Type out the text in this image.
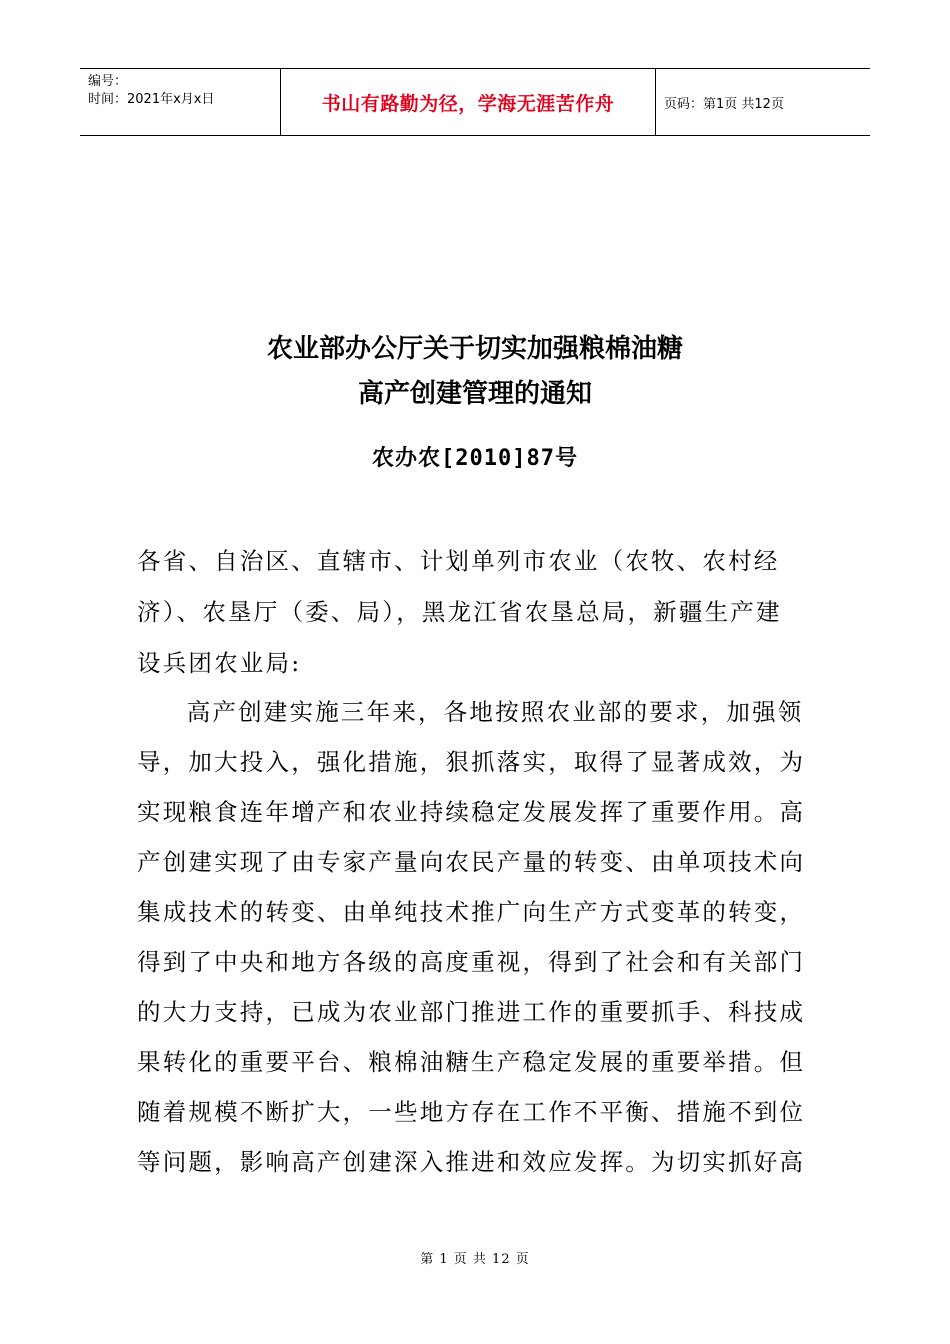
编号：
时间：2021年x月x日	书山有路勤为径，学海无涯苦作舟	页码：第1页 共12页
农业部办公厅关于切实加强粮棉油糖
高产创建管理的通知
农办农[2010]87号
各省、自治区、直辖市、计划单列市农业（农牧、农村经
济）、农垦厅（委、局），黑龙江省农垦总局，新疆生产建
设兵团农业局:
　高产创建实施三年来，各地按照农业部的要求，加强领
导，加大投入，强化措施，狠抓落实，取得了显著成效，为
实现粮食连年增产和农业持续稳定发展发挥了重要作用。高
产创建实现了由专家产量向农民产量的转变、由单项技术向
集成技术的转变、由单纯技术推广向生产方式变革的转变，
得到了中央和地方各级的高度重视，得到了社会和有关部门
的大力支持，已成为农业部门推进工作的重要抓手、科技成
果转化的重要平台、粮棉油糖生产稳定发展的重要举措。但
随着规模不断扩大，一些地方存在工作不平衡、措施不到位
等问题，影响高产创建深入推进和效应发挥。为切实抓好高
第 1 页 共 12 页
